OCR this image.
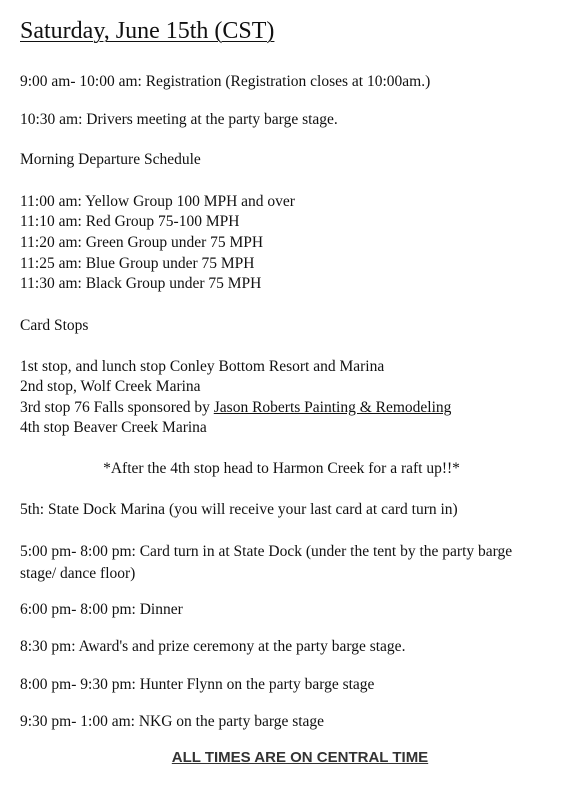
Saturday, June 15th (CST)
9:00 am- 10:00 am: Registration (Registration closes at 10:00am.)
10:30 am: Drivers meeting at the party barge stage.
Morning Departure Schedule
11:00 am: Yellow Group 100 MPH and over
11:10 am: Red Group 75-100 MPH
11:20 am: Green Group under 75 MPH
11:25 am: Blue Group under 75 MPH
11:30 am: Black Group under 75 MPH
Card Stops
1st stop, and lunch stop Conley Bottom Resort and Marina
2nd stop, Wolf Creek Marina
3rd stop 76 Falls sponsored by Jason Roberts Painting & Remodeling
4th stop Beaver Creek Marina
*After the 4th stop head to Harmon Creek for a raft up!!*
5th: State Dock Marina (you will receive your last card at card turn in)
5:00 pm- 8:00 pm: Card turn in at State Dock (under the tent by the party barge stage/ dance floor)
6:00 pm- 8:00 pm: Dinner
8:30 pm: Award's and prize ceremony at the party barge stage.
8:00 pm- 9:30 pm: Hunter Flynn on the party barge stage
9:30 pm- 1:00 am: NKG on the party barge stage
ALL TIMES ARE ON CENTRAL TIME
